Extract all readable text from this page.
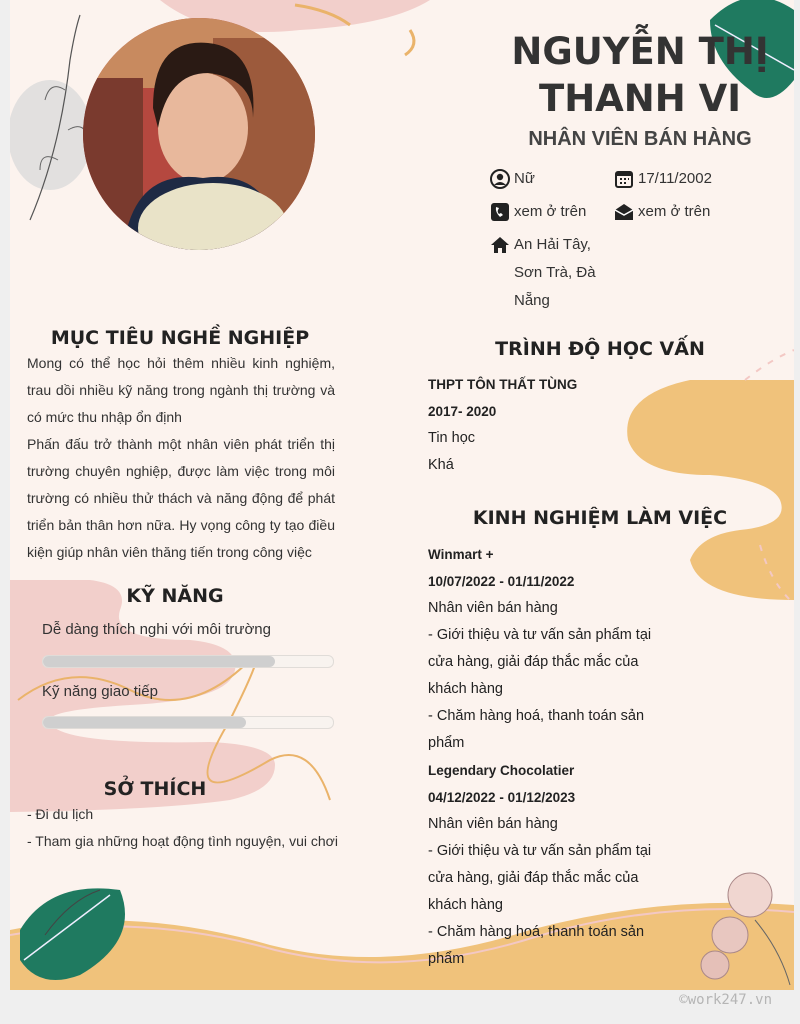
NGUYỄN THỊ
THANH VI
NHÂN VIÊN BÁN HÀNG
Nữ	17/11/2002
xem ở trên	xem ở trên
An Hải Tây,
Sơn Trà, Đà
Nẵng
MỤC TIÊU NGHỀ NGHIỆP

Mong có thể học hỏi thêm nhiều kinh nghiệm, trau dồi nhiều kỹ năng trong ngành thị trường và có mức thu nhập ổn định

Phấn đấu trở thành một nhân viên phát triển thị trường chuyên nghiệp, được làm việc trong môi trường có nhiều thử thách và năng động để phát triển bản thân hơn nữa. Hy vọng công ty tạo điều kiện giúp nhân viên thăng tiến trong công việc

KỸ NĂNG
Dễ dàng thích nghi với môi trường
Kỹ năng giao tiếp
SỞ THÍCH
- Đi du lịch
- Tham gia những hoạt động tình nguyện, vui chơi
TRÌNH ĐỘ HỌC VẤN
THPT TÔN THẤT TÙNG
2017- 2020
Tin học
Khá
KINH NGHIỆM LÀM VIỆC
Winmart +
10/07/2022 - 01/11/2022
Nhân viên bán hàng
- Giới thiệu và tư vấn sản phẩm tại
cửa hàng, giải đáp thắc mắc của
khách hàng
- Chăm hàng hoá, thanh toán sản
phẩm
Legendary Chocolatier
04/12/2022 - 01/12/2023
Nhân viên bán hàng
- Giới thiệu và tư vấn sản phẩm tại
cửa hàng, giải đáp thắc mắc của
khách hàng
- Chăm hàng hoá, thanh toán sản
phẩm
©work247.vn
